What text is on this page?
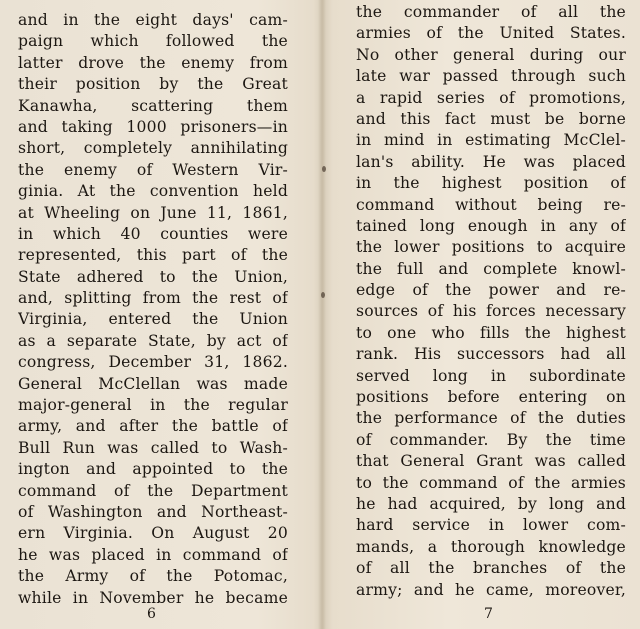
and in the eight days' cam-
paign which followed the
latter drove the enemy from
their position by the Great
Kanawha, scattering them
and taking 1000 prisoners—in
short, completely annihilating
the enemy of Western Vir-
ginia. At the convention held
at Wheeling on June 11, 1861,
in which 40 counties were
represented, this part of the
State adhered to the Union,
and, splitting from the rest of
Virginia, entered the Union
as a separate State, by act of
congress, December 31, 1862.
General McClellan was made
major-general in the regular
army, and after the battle of
Bull Run was called to Wash-
ington and appointed to the
command of the Department
of Washington and Northeast-
ern Virginia. On August 20
he was placed in command of
the Army of the Potomac,
while in November he became
6
the commander of all the
armies of the United States.
No other general during our
late war passed through such
a rapid series of promotions,
and this fact must be borne
in mind in estimating McClel-
lan's ability. He was placed
in the highest position of
command without being re-
tained long enough in any of
the lower positions to acquire
the full and complete knowl-
edge of the power and re-
sources of his forces necessary
to one who fills the highest
rank. His successors had all
served long in subordinate
positions before entering on
the performance of the duties
of commander. By the time
that General Grant was called
to the command of the armies
he had acquired, by long and
hard service in lower com-
mands, a thorough knowledge
of all the branches of the
army; and he came, moreover,
7
